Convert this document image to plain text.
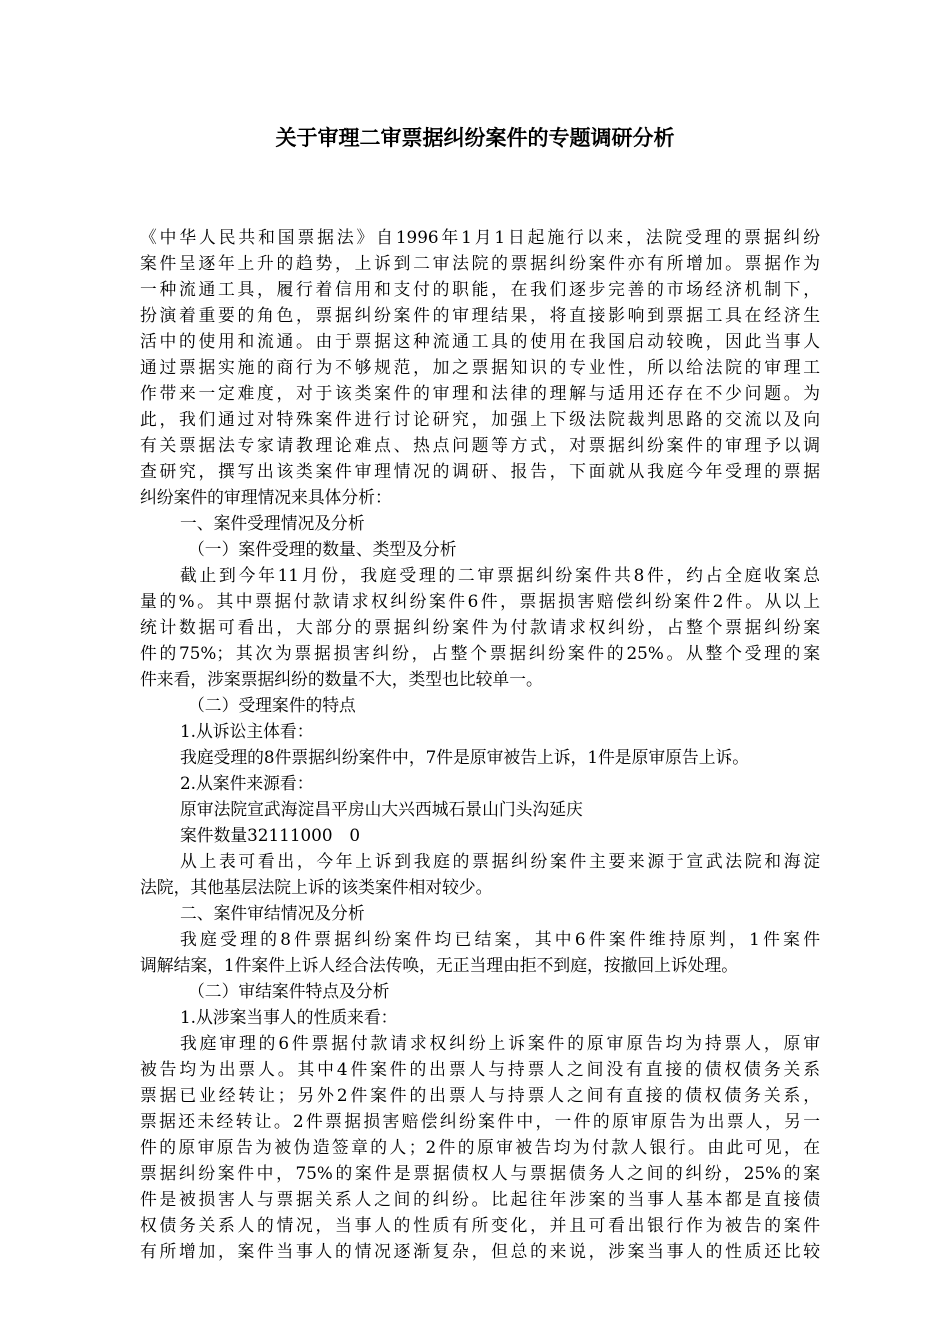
关于审理二审票据纠纷案件的专题调研分析
《中华人民共和国票据法》自1996年1月1日起施行以来，法院受理的票据纠纷
案件呈逐年上升的趋势，上诉到二审法院的票据纠纷案件亦有所增加。票据作为
一种流通工具，履行着信用和支付的职能，在我们逐步完善的市场经济机制下，
扮演着重要的角色，票据纠纷案件的审理结果，将直接影响到票据工具在经济生
活中的使用和流通。由于票据这种流通工具的使用在我国启动较晚，因此当事人
通过票据实施的商行为不够规范，加之票据知识的专业性，所以给法院的审理工
作带来一定难度，对于该类案件的审理和法律的理解与适用还存在不少问题。为
此，我们通过对特殊案件进行讨论研究，加强上下级法院裁判思路的交流以及向
有关票据法专家请教理论难点、热点问题等方式，对票据纠纷案件的审理予以调
查研究，撰写出该类案件审理情况的调研、报告，下面就从我庭今年受理的票据
纠纷案件的审理情况来具体分析：
一、案件受理情况及分析
（一）案件受理的数量、类型及分析
截止到今年11月份，我庭受理的二审票据纠纷案件共8件，约占全庭收案总
量的%。其中票据付款请求权纠纷案件6件，票据损害赔偿纠纷案件2件。从以上
统计数据可看出，大部分的票据纠纷案件为付款请求权纠纷，占整个票据纠纷案
件的75%；其次为票据损害纠纷，占整个票据纠纷案件的25%。从整个受理的案
件来看，涉案票据纠纷的数量不大，类型也比较单一。
（二）受理案件的特点
1.从诉讼主体看：
我庭受理的8件票据纠纷案件中，7件是原审被告上诉，1件是原审原告上诉。
2.从案件来源看：
原审法院宣武海淀昌平房山大兴西城石景山门头沟延庆
案件数量32111000　0
从上表可看出，今年上诉到我庭的票据纠纷案件主要来源于宣武法院和海淀
法院，其他基层法院上诉的该类案件相对较少。
二、案件审结情况及分析
我庭受理的8件票据纠纷案件均已结案，其中6件案件维持原判，1件案件
调解结案，1件案件上诉人经合法传唤，无正当理由拒不到庭，按撤回上诉处理。
（二）审结案件特点及分析
1.从涉案当事人的性质来看：
我庭审理的6件票据付款请求权纠纷上诉案件的原审原告均为持票人，原审
被告均为出票人。其中4件案件的出票人与持票人之间没有直接的债权债务关系
票据已业经转让；另外2件案件的出票人与持票人之间有直接的债权债务关系，
票据还未经转让。2件票据损害赔偿纠纷案件中，一件的原审原告为出票人，另一
件的原审原告为被伪造签章的人；2件的原审被告均为付款人银行。由此可见，在
票据纠纷案件中，75%的案件是票据债权人与票据债务人之间的纠纷，25%的案
件是被损害人与票据关系人之间的纠纷。比起往年涉案的当事人基本都是直接债
权债务关系人的情况，当事人的性质有所变化，并且可看出银行作为被告的案件
有所增加，案件当事人的情况逐渐复杂，但总的来说，涉案当事人的性质还比较
